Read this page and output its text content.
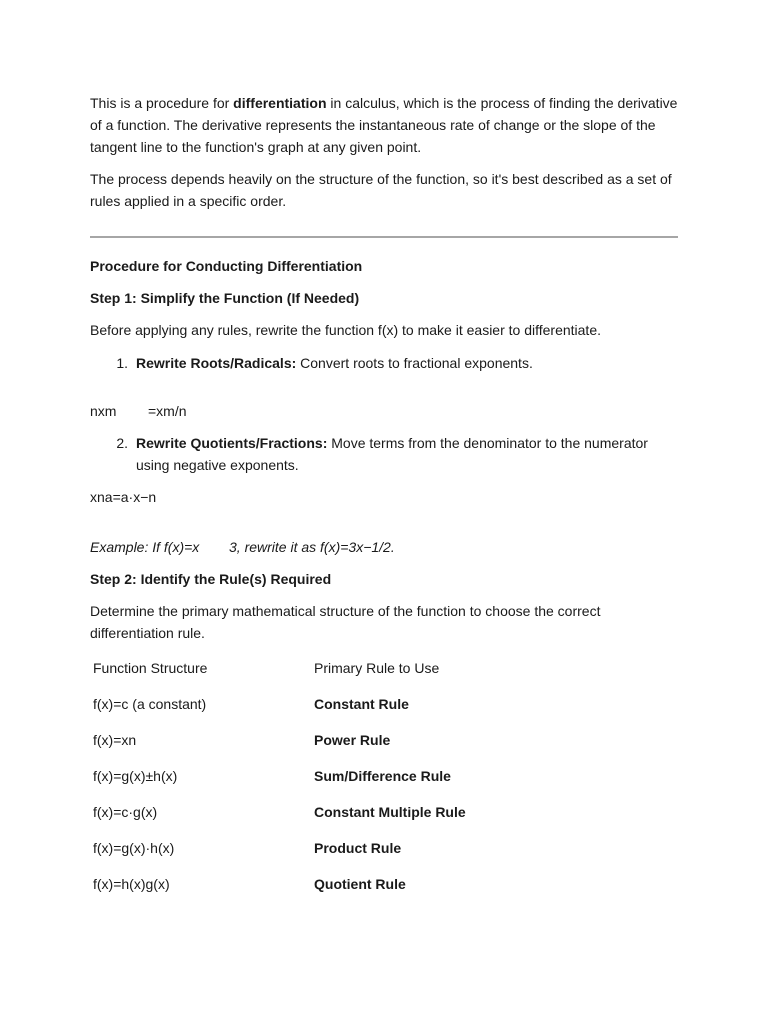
This is a procedure for differentiation in calculus, which is the process of finding the derivative of a function. The derivative represents the instantaneous rate of change or the slope of the tangent line to the function's graph at any given point.

The process depends heavily on the structure of the function, so it's best described as a set of rules applied in a specific order.

Procedure for Conducting Differentiation

Step 1: Simplify the Function (If Needed)

Before applying any rules, rewrite the function f(x) to make it easier to differentiate.

1. Rewrite Roots/Radicals: Convert roots to fractional exponents.
nxm =xm/n
2. Rewrite Quotients/Fractions: Move terms from the denominator to the numerator using negative exponents.

xna=a·x−n

Example: If f(x)=x 3, rewrite it as f(x)=3x−1/2.

Step 2: Identify the Rule(s) Required

Determine the primary mathematical structure of the function to choose the correct differentiation rule.

Function Structure	Primary Rule to Use
f(x)=c (a constant)	Constant Rule
f(x)=xn	Power Rule
f(x)=g(x)±h(x)	Sum/Difference Rule
f(x)=c·g(x)	Constant Multiple Rule
f(x)=g(x)·h(x)	Product Rule
f(x)=h(x)g(x)	Quotient Rule
